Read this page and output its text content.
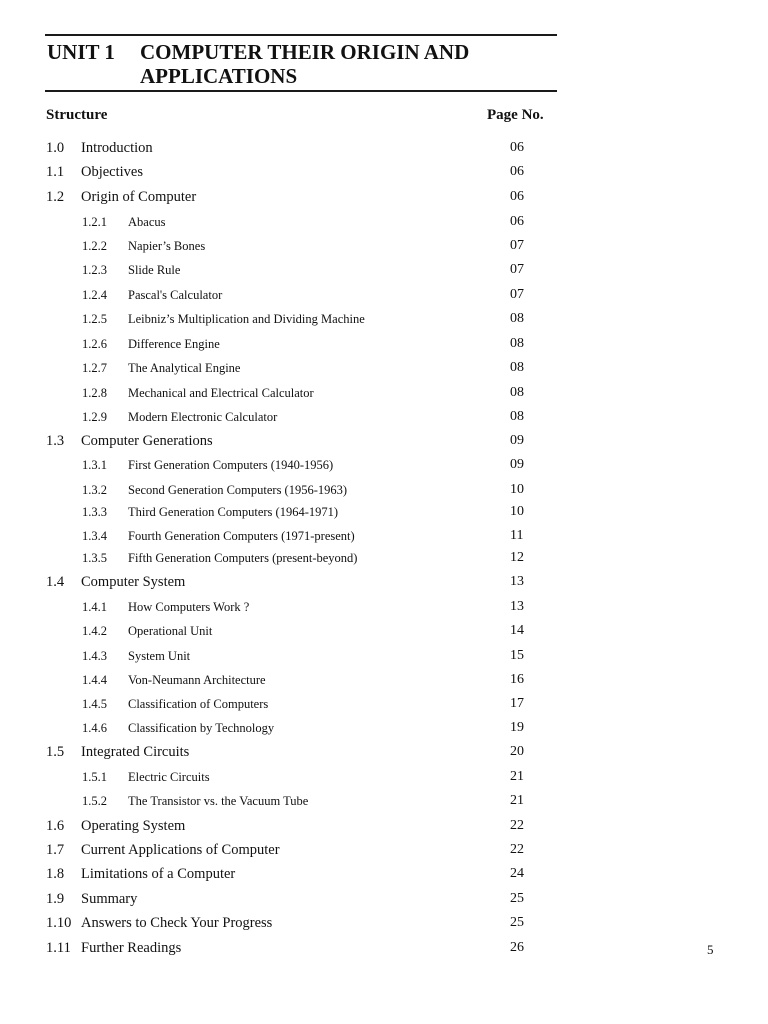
UNIT 1 COMPUTER THEIR ORIGIN AND
APPLICATIONS
Structure	Page No.
1.0 Introduction	06
1.1 Objectives	06
1.2 Origin of Computer	06
1.2.1 Abacus	06
1.2.2 Napier’s Bones	07
1.2.3 Slide Rule	07
1.2.4 Pascal's Calculator	07
1.2.5 Leibniz’s Multiplication and Dividing Machine	08
1.2.6 Difference Engine	08
1.2.7 The Analytical Engine	08
1.2.8 Mechanical and Electrical Calculator	08
1.2.9 Modern Electronic Calculator	08
1.3 Computer Generations	09
1.3.1 First Generation Computers (1940-1956)	09
1.3.2 Second Generation Computers (1956-1963)	10
1.3.3 Third Generation Computers (1964-1971)	10
1.3.4 Fourth Generation Computers (1971-present)	11
1.3.5 Fifth Generation Computers (present-beyond)	12
1.4 Computer System	13
1.4.1 How Computers Work ?	13
1.4.2 Operational Unit	14
1.4.3 System Unit	15
1.4.4 Von-Neumann Architecture	16
1.4.5 Classification of Computers	17
1.4.6 Classification by Technology	19
1.5 Integrated Circuits	20
1.5.1 Electric Circuits	21
1.5.2 The Transistor vs. the Vacuum Tube	21
1.6 Operating System	22
1.7 Current Applications of Computer	22
1.8 Limitations of a Computer	24
1.9 Summary	25
1.10 Answers to Check Your Progress	25
1.11 Further Readings	26	5
